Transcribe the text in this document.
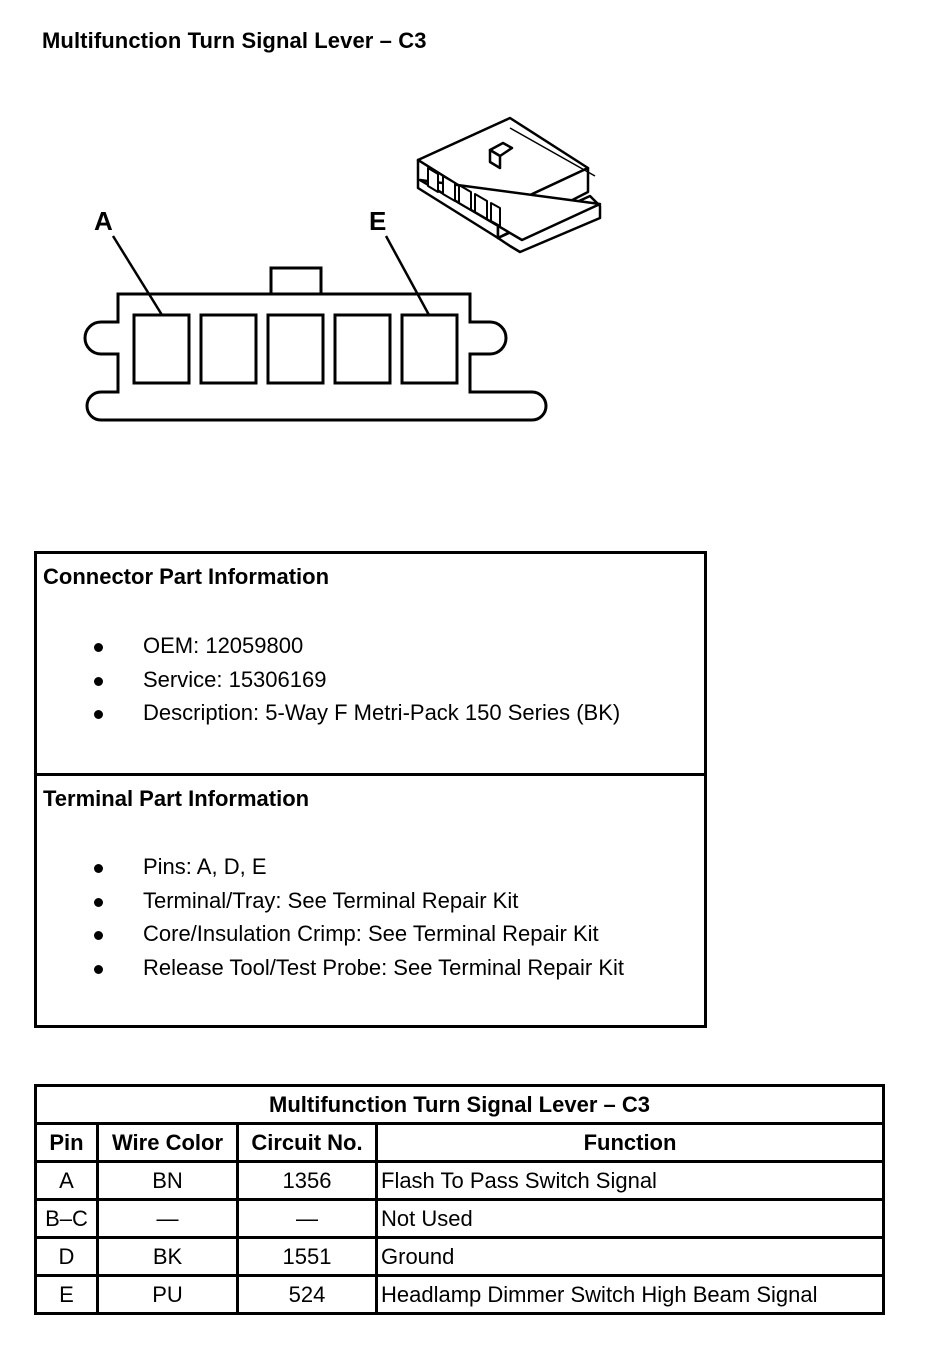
Multifunction Turn Signal Lever – C3
A	E
Connector Part Information
OEM: 12059800
Service: 15306169
Description: 5-Way F Metri-Pack 150 Series (BK)
Terminal Part Information
Pins: A, D, E
Terminal/Tray: See Terminal Repair Kit
Core/Insulation Crimp: See Terminal Repair Kit
Release Tool/Test Probe: See Terminal Repair Kit
Multifunction Turn Signal Lever – C3			
Pin	Wire Color	Circuit No.	Function
A	BN	1356	Flash To Pass Switch Signal
B–C	—	—	Not Used
D	BK	1551	Ground
E	PU	524	Headlamp Dimmer Switch High Beam Signal
